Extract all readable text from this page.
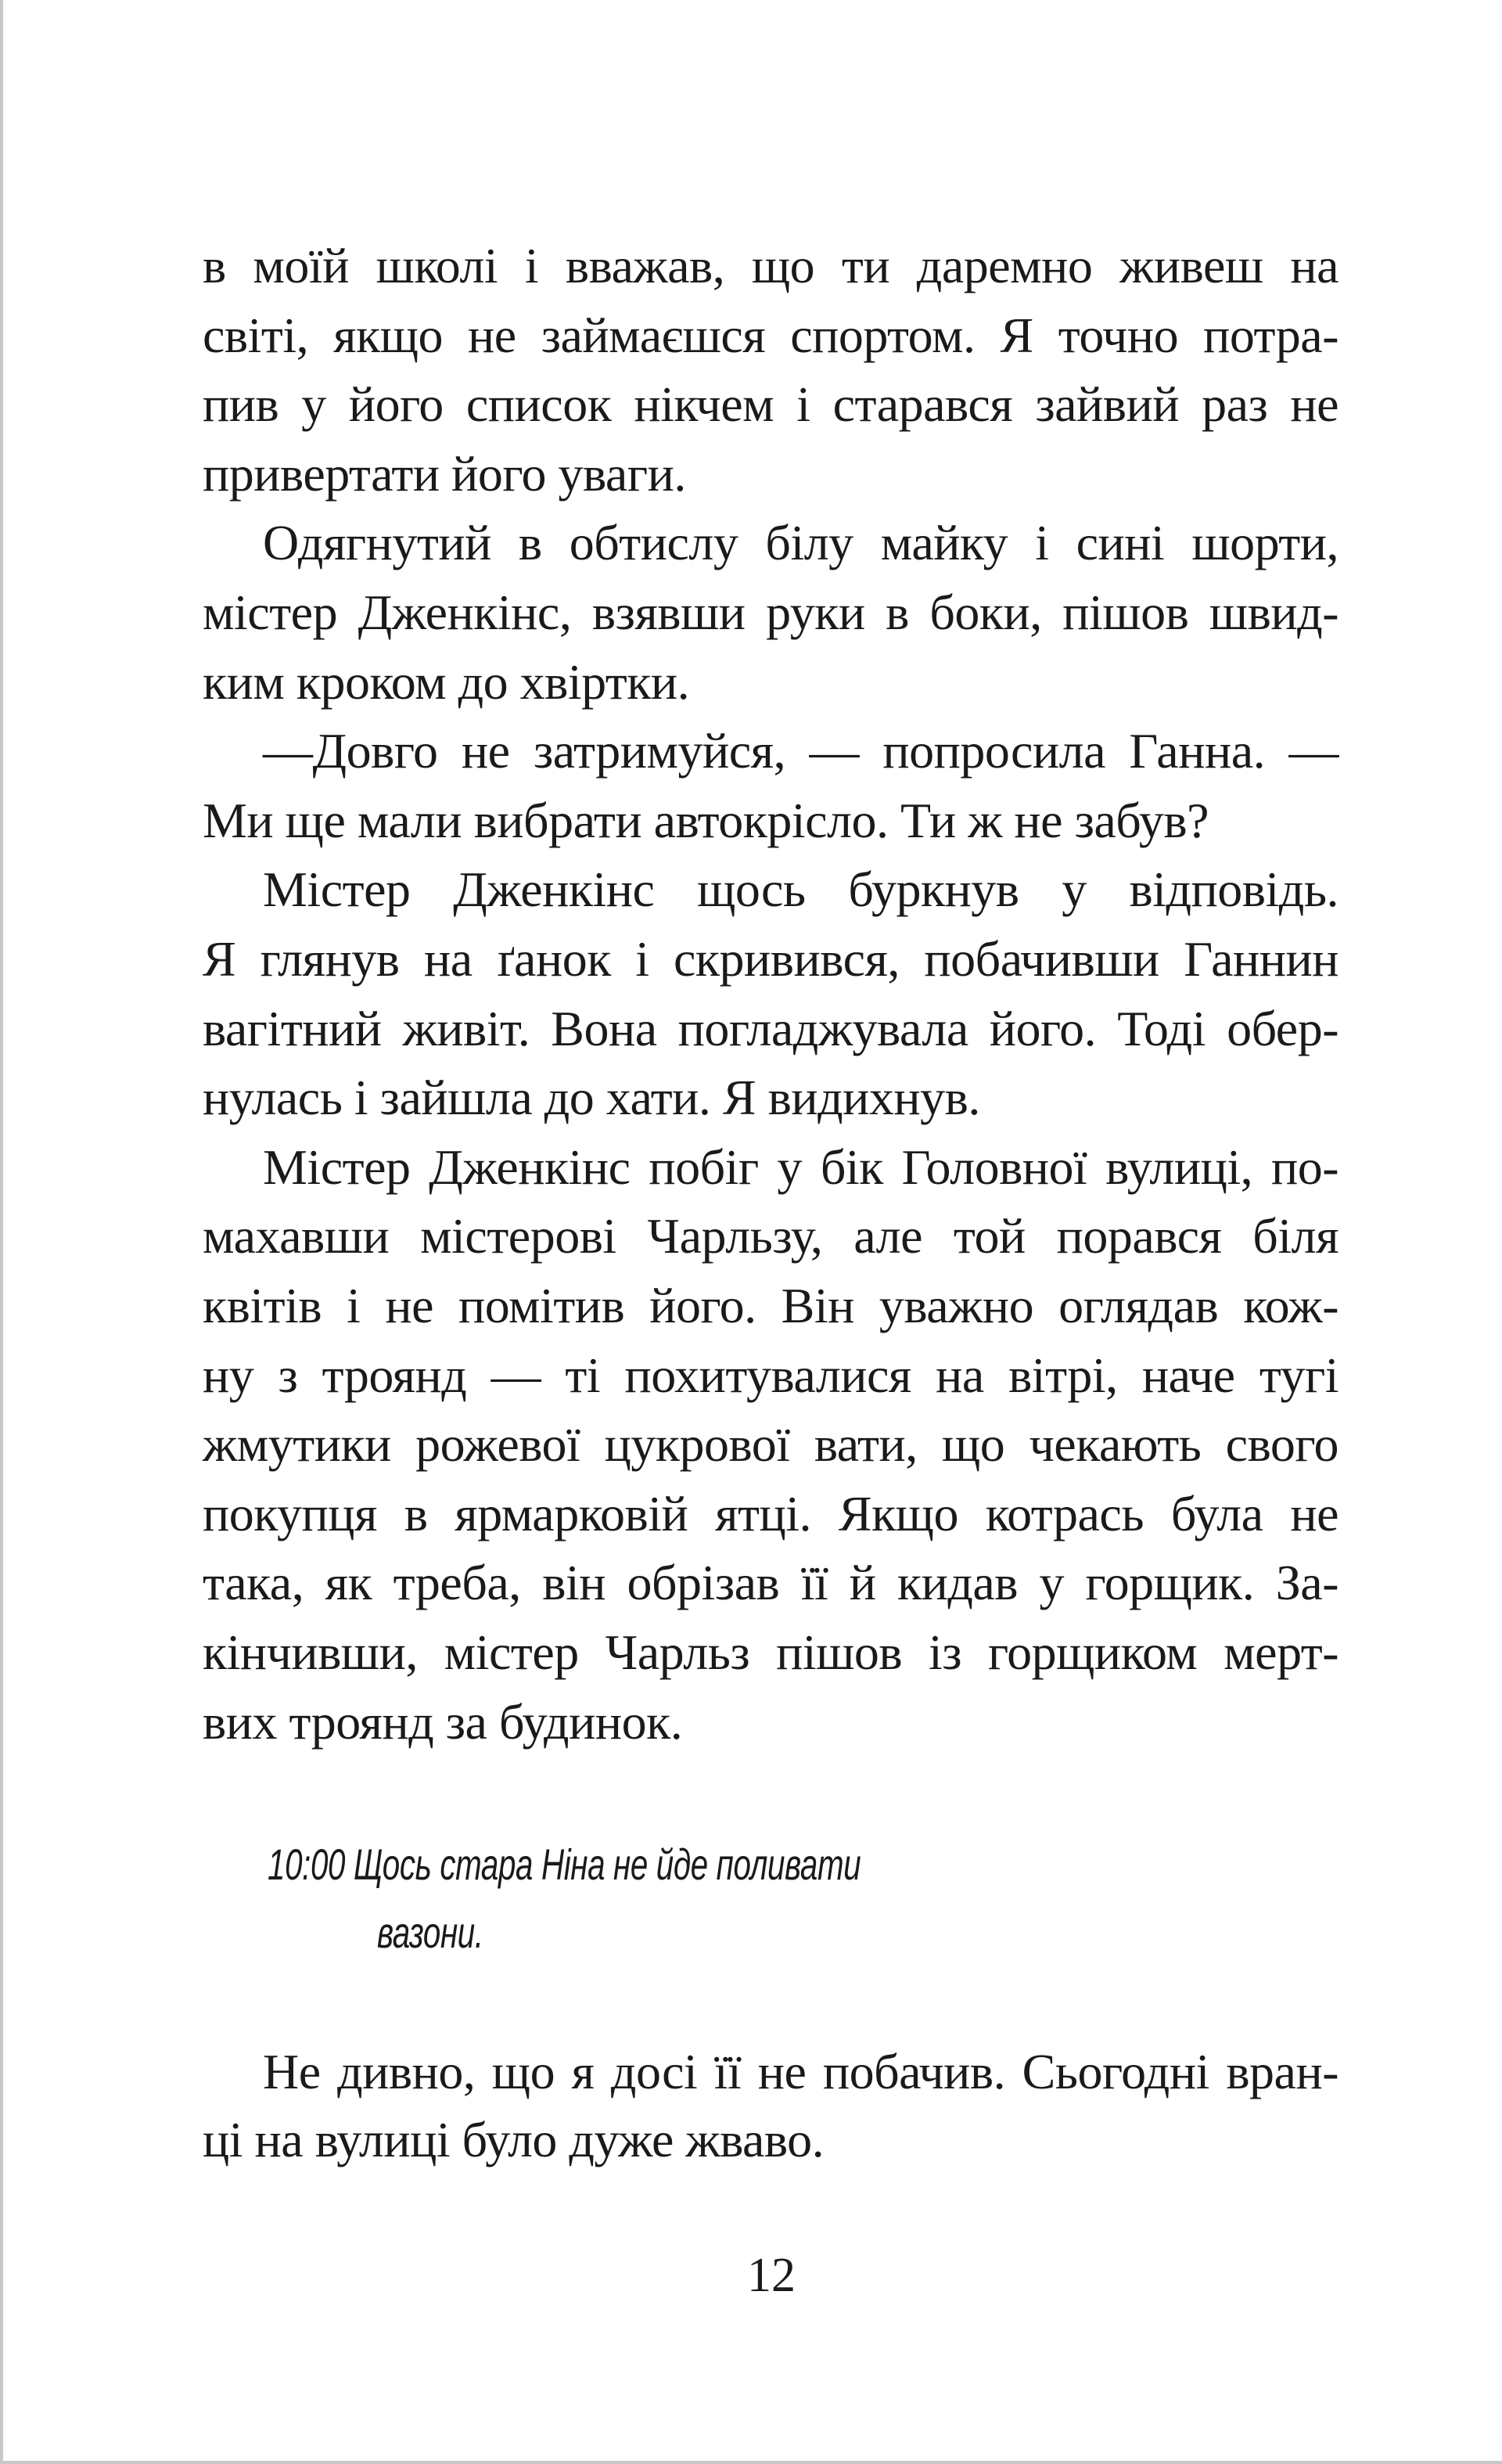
в моїй школі і вважав, що ти даремно живеш на
світі, якщо не займаєшся спортом. Я точно потра-
пив у його список нікчем і старався зайвий раз не
привертати його уваги.
Одягнутий в обтислу білу майку і сині шорти,
містер Дженкінс, взявши руки в боки, пішов швид-
ким кроком до хвіртки.
—Довго не затримуйся, — попросила Ганна. —
Ми ще мали вибрати автокрісло. Ти ж не забув?
Містер Дженкінс щось буркнув у відповідь.
Я глянув на ґанок і скривився, побачивши Ганнин
вагітний живіт. Вона погладжувала його. Тоді обер-
нулась і зайшла до хати. Я видихнув.
Містер Дженкінс побіг у бік Головної вулиці, по-
махавши містерові Чарльзу, але той порався біля
квітів і не помітив його. Він уважно оглядав кож-
ну з троянд — ті похитувалися на вітрі, наче тугі
жмутики рожевої цукрової вати, що чекають свого
покупця в ярмарковій ятці. Якщо котрась була не
така, як треба, він обрізав її й кидав у горщик. За-
кінчивши, містер Чарльз пішов із горщиком мерт-
вих троянд за будинок.
Не дивно, що я досі її не побачив. Сьогодні вран-
ці на вулиці було дуже жваво.
10:00 Щось стара Ніна не йде поливати
вазони.
12
